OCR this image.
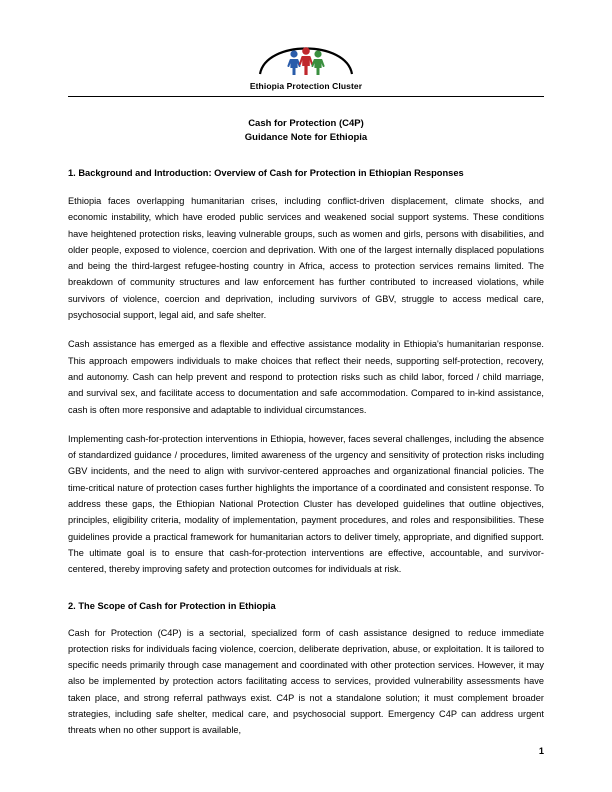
Ethiopia Protection Cluster
Cash for Protection (C4P)
Guidance Note for Ethiopia
1. Background and Introduction: Overview of Cash for Protection in Ethiopian Responses

Ethiopia faces overlapping humanitarian crises, including conflict-driven displacement, climate shocks, and economic instability, which have eroded public services and weakened social support systems. These conditions have heightened protection risks, leaving vulnerable groups, such as women and girls, persons with disabilities, and older people, exposed to violence, coercion and deprivation. With one of the largest internally displaced populations and being the third-largest refugee-hosting country in Africa, access to protection services remains limited. The breakdown of community structures and law enforcement has further contributed to increased violations, while survivors of violence, coercion and deprivation, including survivors of GBV, struggle to access medical care, psychosocial support, legal aid, and safe shelter.

Cash assistance has emerged as a flexible and effective assistance modality in Ethiopia's humanitarian response. This approach empowers individuals to make choices that reflect their needs, supporting self-protection, recovery, and autonomy. Cash can help prevent and respond to protection risks such as child labor, forced / child marriage, and survival sex, and facilitate access to documentation and safe accommodation. Compared to in-kind assistance, cash is often more responsive and adaptable to individual circumstances.

Implementing cash-for-protection interventions in Ethiopia, however, faces several challenges, including the absence of standardized guidance / procedures, limited awareness of the urgency and sensitivity of protection risks including GBV incidents, and the need to align with survivor-centered approaches and organizational financial policies. The time-critical nature of protection cases further highlights the importance of a coordinated and consistent response. To address these gaps, the Ethiopian National Protection Cluster has developed guidelines that outline objectives, principles, eligibility criteria, modality of implementation, payment procedures, and roles and responsibilities. These guidelines provide a practical framework for humanitarian actors to deliver timely, appropriate, and dignified support. The ultimate goal is to ensure that cash-for-protection interventions are effective, accountable, and survivor-centered, thereby improving safety and protection outcomes for individuals at risk.

2. The Scope of Cash for Protection in Ethiopia

Cash for Protection (C4P) is a sectorial, specialized form of cash assistance designed to reduce immediate protection risks for individuals facing violence, coercion, deliberate deprivation, abuse, or exploitation. It is tailored to specific needs primarily through case management and coordinated with other protection services. However, it may also be implemented by protection actors facilitating access to services, provided vulnerability assessments have taken place, and strong referral pathways exist. C4P is not a standalone solution; it must complement broader strategies, including safe shelter, medical care, and psychosocial support. Emergency C4P can address urgent threats when no other support is available,

1
